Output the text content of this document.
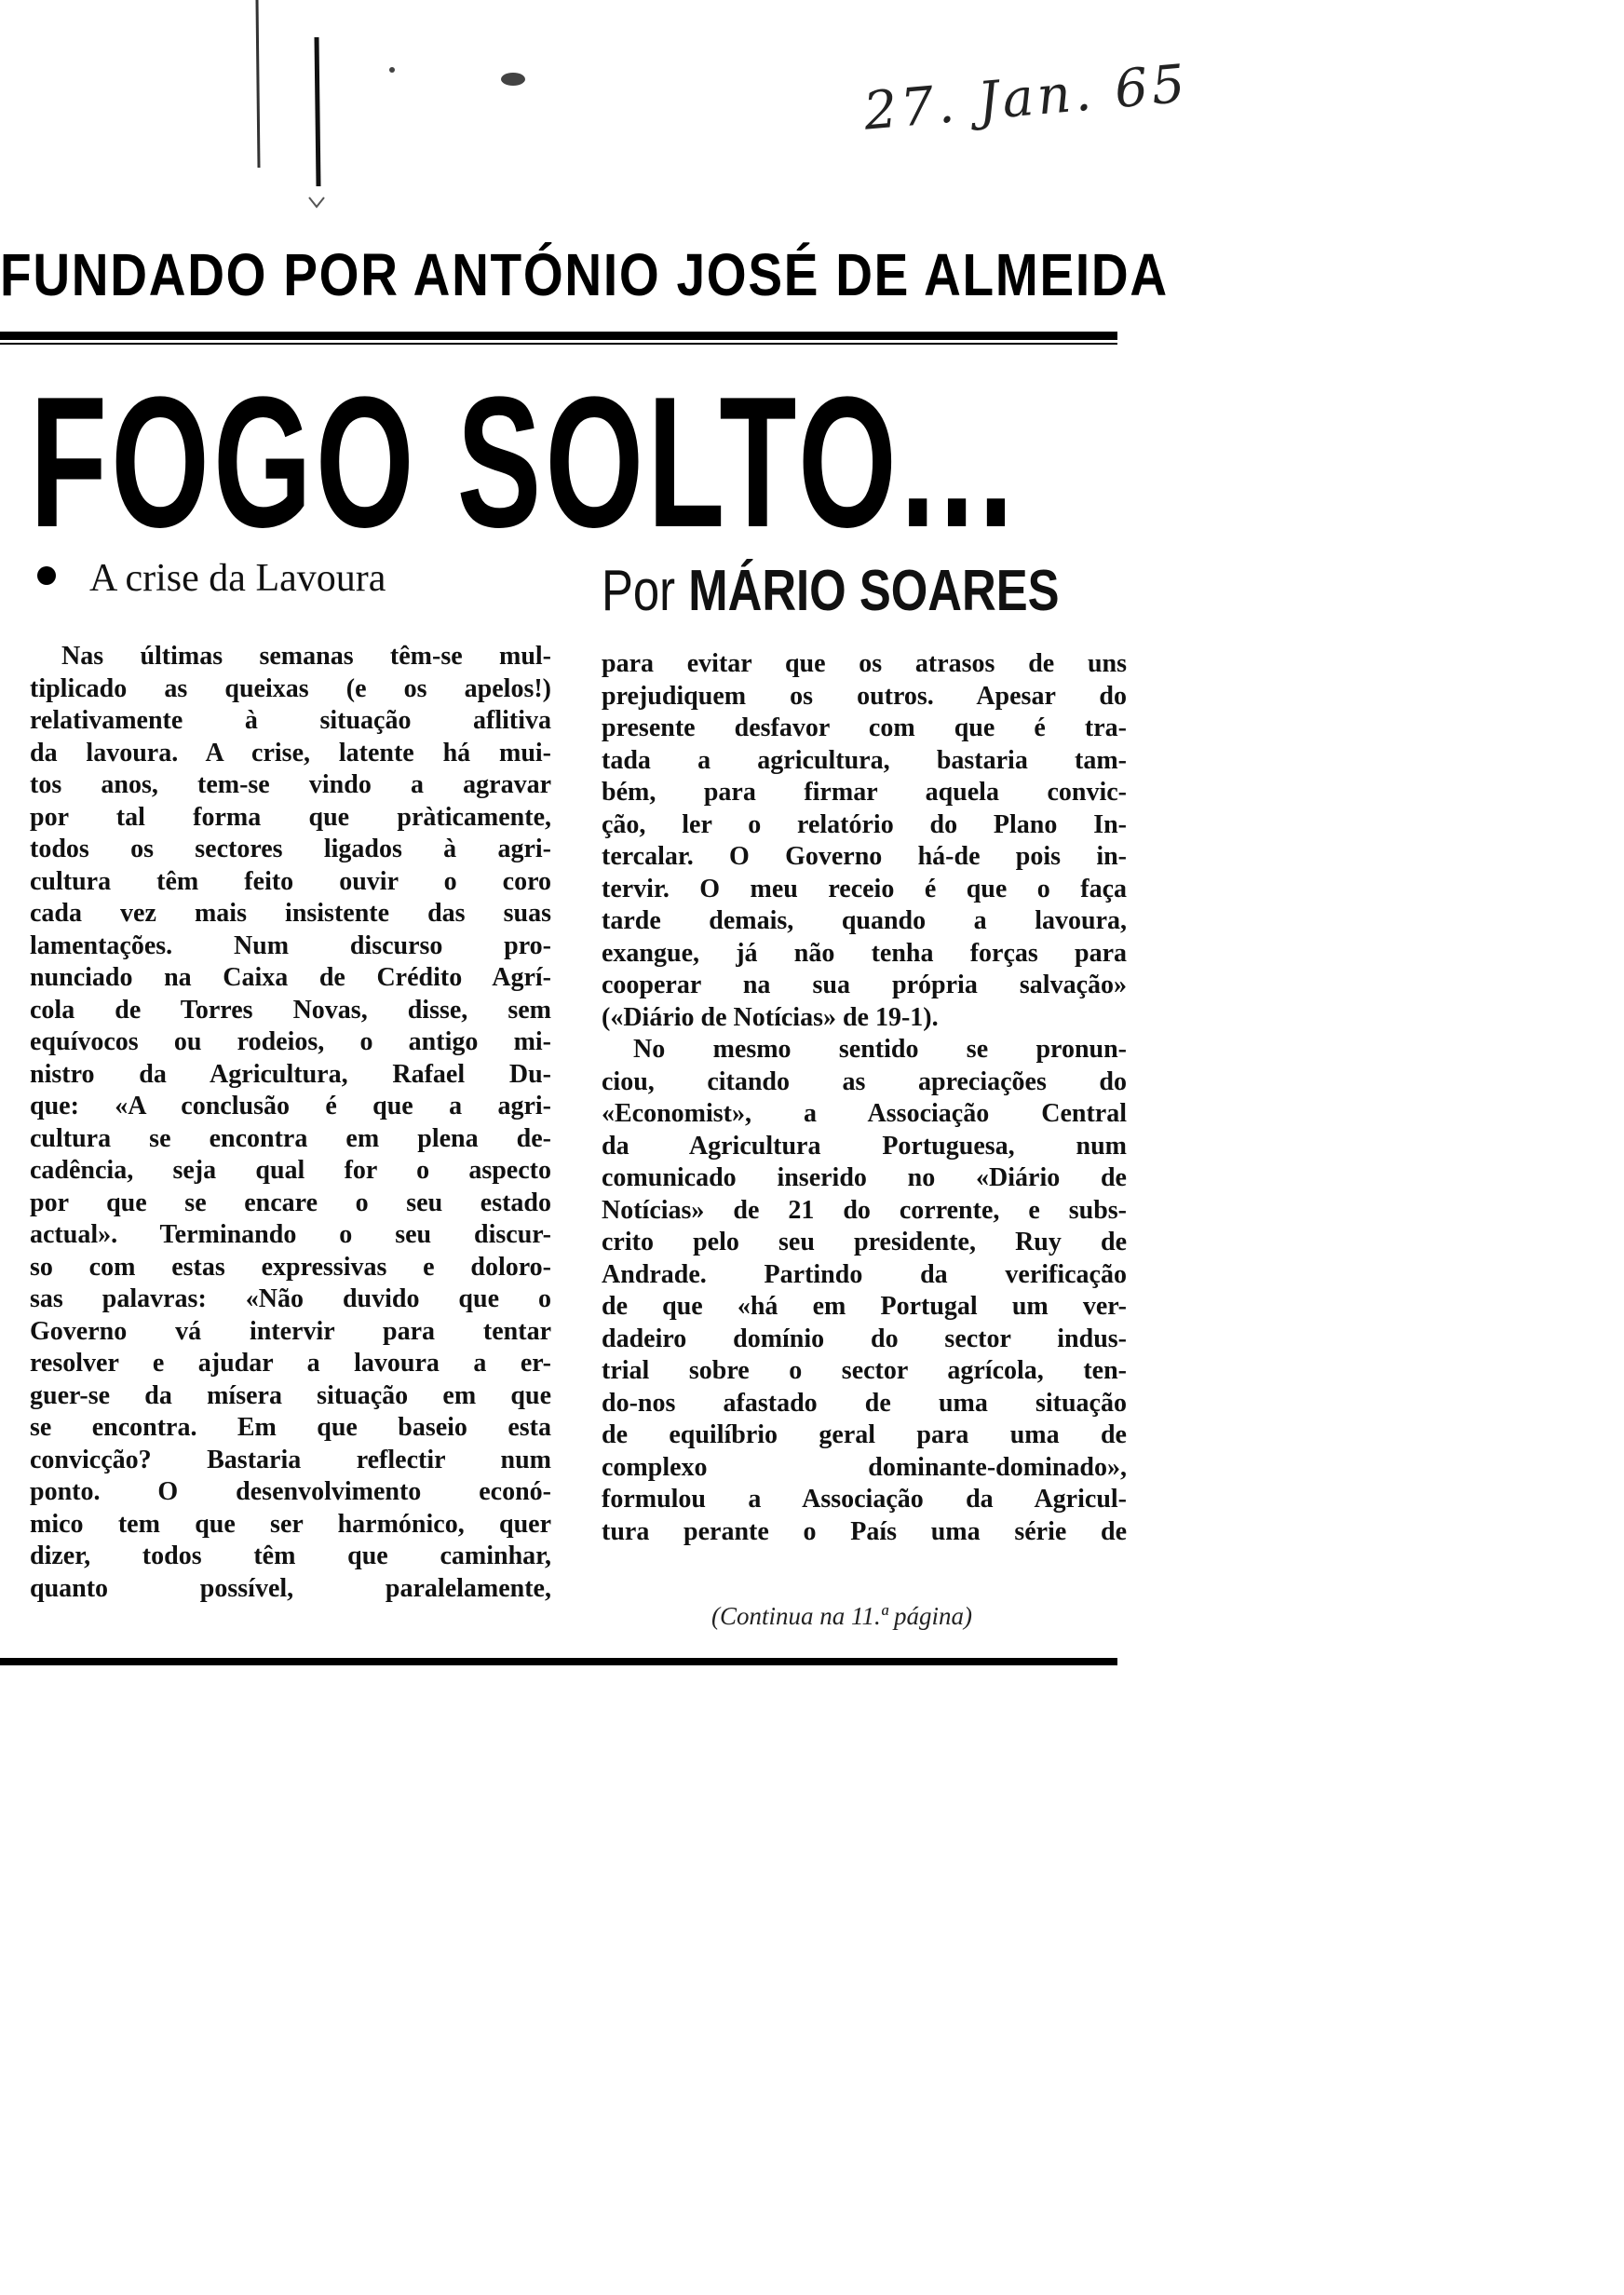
27. Jan. 65
FUNDADO POR ANTÓNIO JOSÉ DE ALMEIDA
FOGO SOLTO...
A crise da Lavoura	Por MÁRIO SOARES
Nas últimas semanas têm-se mul-
tiplicado as queixas (e os apelos!)
relativamente à situação aflitiva
da lavoura. A crise, latente há mui-
tos anos, tem-se vindo a agravar
por tal forma que pràticamente,
todos os sectores ligados à agri-
cultura têm feito ouvir o coro
cada vez mais insistente das suas
lamentações. Num discurso pro-
nunciado na Caixa de Crédito Agrí-
cola de Torres Novas, disse, sem
equívocos ou rodeios, o antigo mi-
nistro da Agricultura, Rafael Du-
que: «A conclusão é que a agri-
cultura se encontra em plena de-
cadência, seja qual for o aspecto
por que se encare o seu estado
actual». Terminando o seu discur-
so com estas expressivas e doloro-
sas palavras: «Não duvido que o
Governo vá intervir para tentar
resolver e ajudar a lavoura a er-
guer-se da mísera situação em que
se encontra. Em que baseio esta
convicção? Bastaria reflectir num
ponto. O desenvolvimento econó-
mico tem que ser harmónico, quer
dizer, todos têm que caminhar,
quanto possível, paralelamente,
para evitar que os atrasos de uns
prejudiquem os outros. Apesar do
presente desfavor com que é tra-
tada a agricultura, bastaria tam-
bém, para firmar aquela convic-
ção, ler o relatório do Plano In-
tercalar. O Governo há-de pois in-
tervir. O meu receio é que o faça
tarde demais, quando a lavoura,
exangue, já não tenha forças para
cooperar na sua própria salvação»
(«Diário de Notícias» de 19-1).
No mesmo sentido se pronun-
ciou, citando as apreciações do
«Economist», a Associação Central
da Agricultura Portuguesa, num
comunicado inserido no «Diário de
Notícias» de 21 do corrente, e subs-
crito pelo seu presidente, Ruy de
Andrade. Partindo da verificação
de que «há em Portugal um ver-
dadeiro domínio do sector indus-
trial sobre o sector agrícola, ten-
do-nos afastado de uma situação
de equilíbrio geral para uma de
complexo dominante-dominado»,
formulou a Associação da Agricul-
tura perante o País uma série de
(Continua na 11.ª página)
